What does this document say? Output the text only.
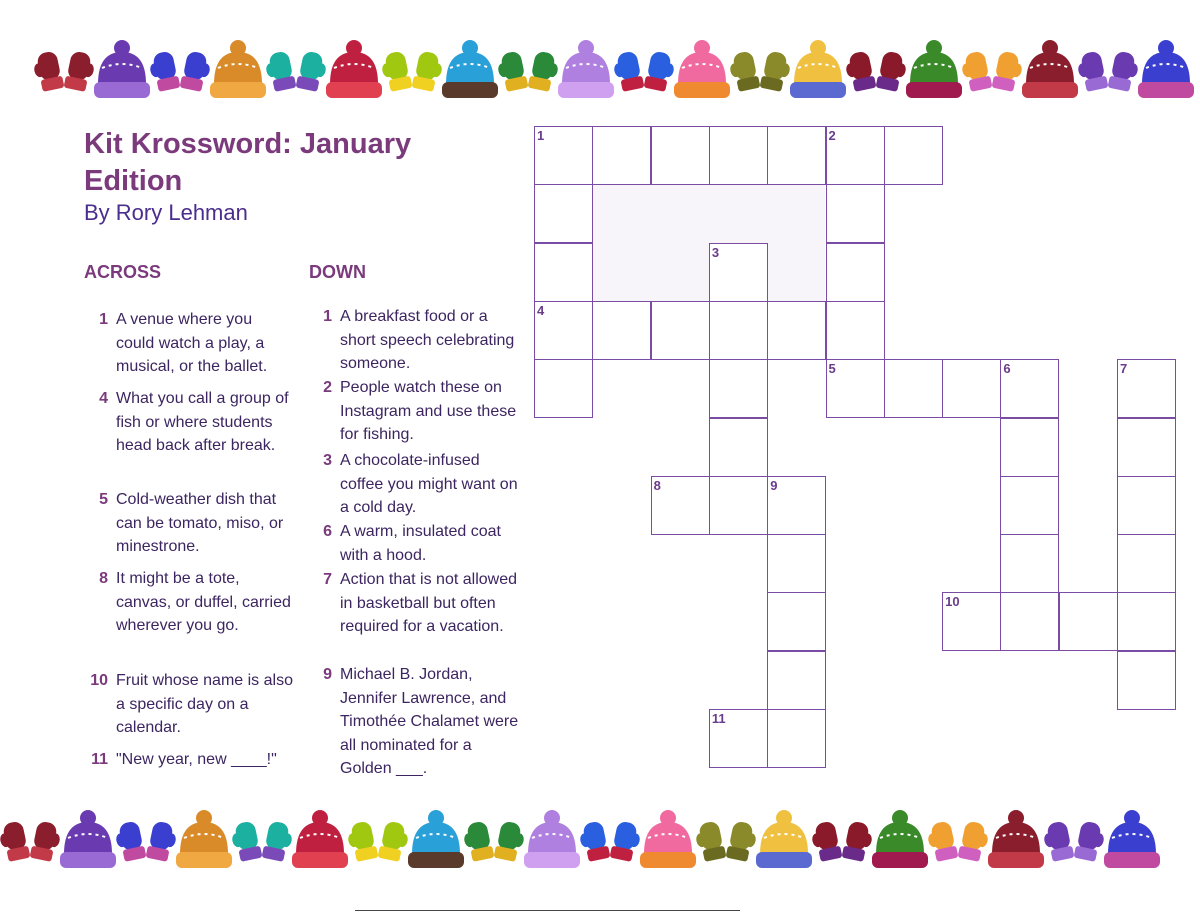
Kit Krossword: January Edition
By Rory Lehman
ACROSS	DOWN
1 A venue where you could watch a play, a musical, or the ballet.
4 What you call a group of fish or where students head back after break.
5 Cold-weather dish that can be tomato, miso, or minestrone.
8 It might be a tote, canvas, or duffel, carried wherever you go.
10 Fruit whose name is also a specific day on a calendar.
11 "New year, new ____!"
1 A breakfast food or a short speech celebrating someone.
2 People watch these on Instagram and use these for fishing.
3 A chocolate-infused coffee you might want on a cold day.
6 A warm, insulated coat with a hood.
7 Action that is not allowed in basketball but often required for a vacation.
9 Michael B. Jordan, Jennifer Lawrence, and Timothée Chalamet were all nominated for a Golden ___.
1	2
3
4
5	6	7
8	9
10
11
